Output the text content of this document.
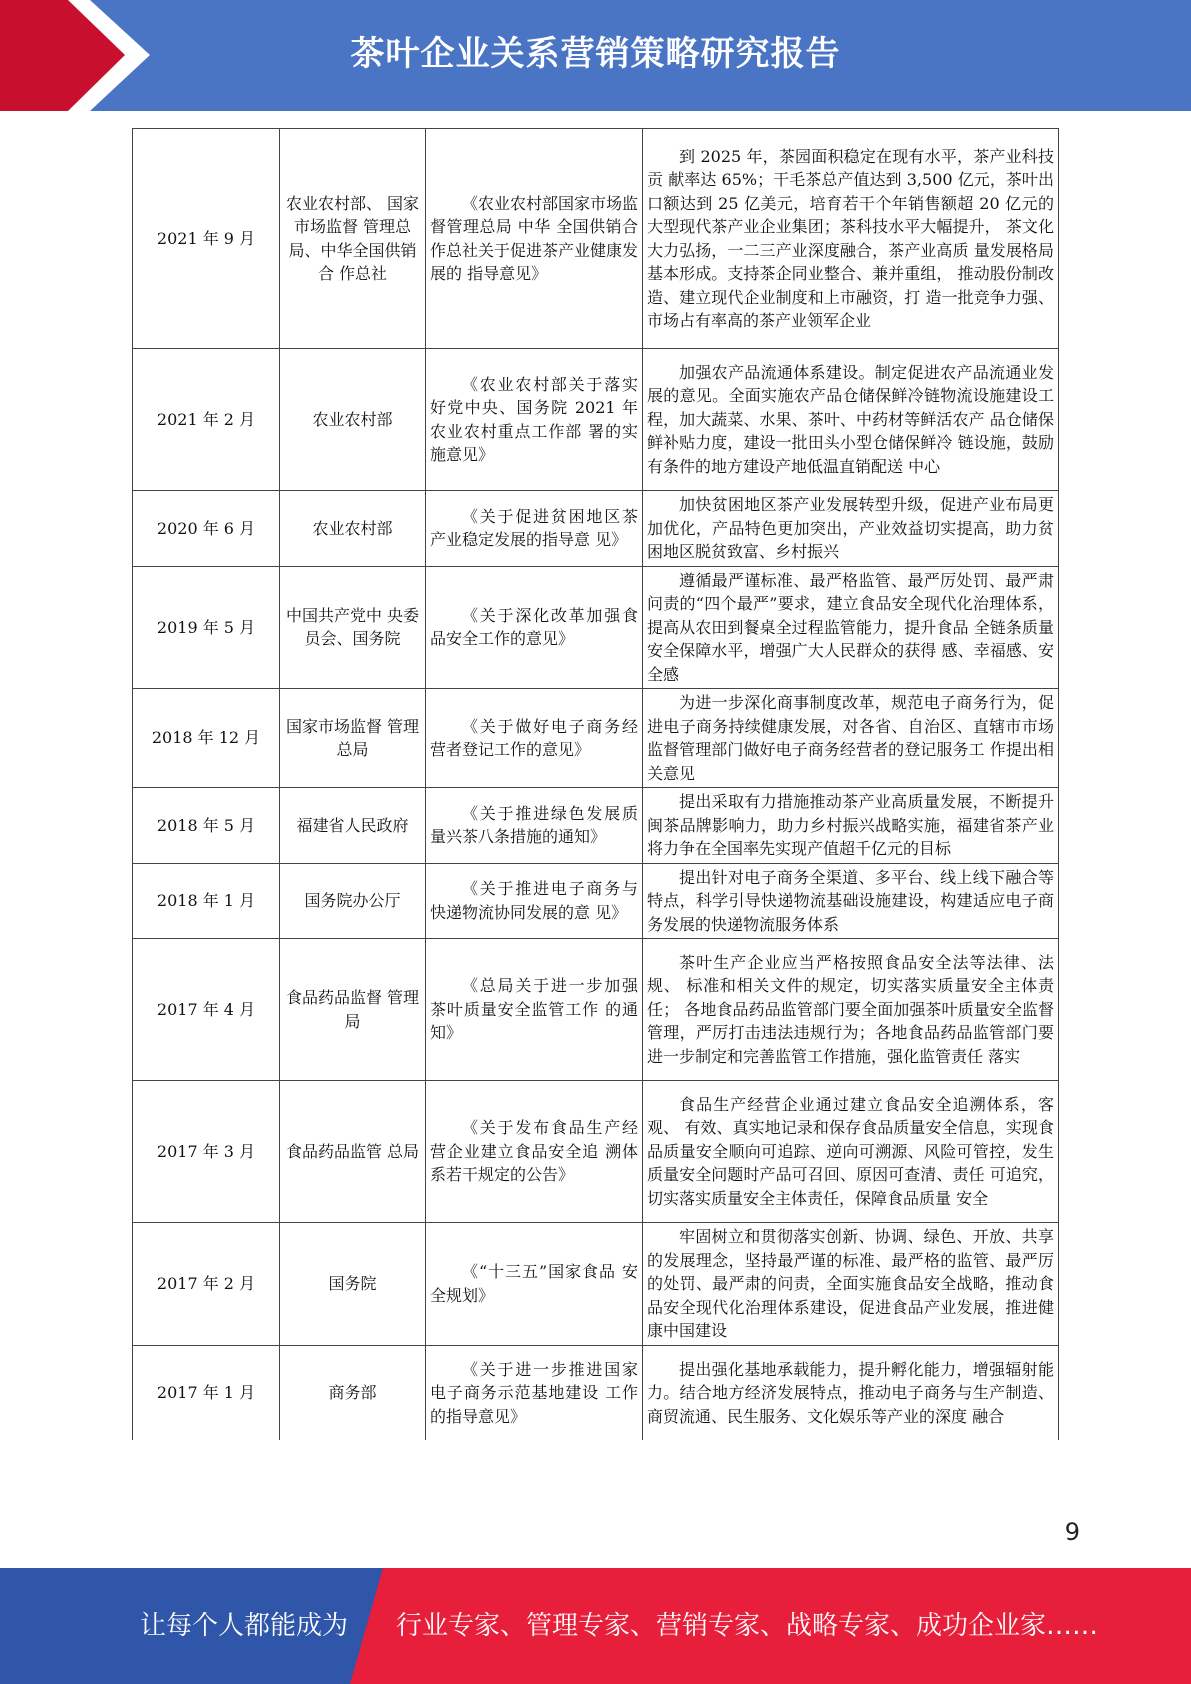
茶叶企业关系营销策略研究报告
2021 年 9 月	农业农村部、 国家市场监督 管理总局、中华全国供销合 作总社	《农业农村部国家市场监督管理总局 中华 全国供销合作总社关于促进茶产业健康发展的 指导意见》	到 2025 年，茶园面积稳定在现有水平，茶产业科技贡 献率达 65%；干毛茶总产值达到 3,500 亿元，茶叶出口额达到 25 亿美元，培育若干个年销售额超 20 亿元的大型现代茶产业企业集团；茶科技水平大幅提升， 茶文化大力弘扬，一二三产业深度融合，茶产业高质 量发展格局基本形成。支持茶企同业整合、兼并重组， 推动股份制改造、建立现代企业制度和上市融资，打 造一批竞争力强、市场占有率高的茶产业领军企业
2021 年 2 月	农业农村部	《农业农村部关于落实 好党中央、国务院 2021 年农业农村重点工作部 署的实施意见》	加强农产品流通体系建设。制定促进农产品流通业发 展的意见。全面实施农产品仓储保鲜冷链物流设施建设工程，加大蔬菜、水果、茶叶、中药材等鲜活农产 品仓储保鲜补贴力度，建设一批田头小型仓储保鲜冷 链设施，鼓励有条件的地方建设产地低温直销配送 中心
2020 年 6 月	农业农村部	《关于促进贫困地区茶 产业稳定发展的指导意 见》	加快贫困地区茶产业发展转型升级，促进产业布局更 加优化，产品特色更加突出，产业效益切实提高，助力贫困地区脱贫致富、乡村振兴
2019 年 5 月	中国共产党中 央委员会、国务院	《关于深化改革加强食 品安全工作的意见》	遵循最严谨标准、最严格监管、最严厉处罚、最严肃 问责的“四个最严”要求，建立食品安全现代化治理体系，提高从农田到餐桌全过程监管能力，提升食品 全链条质量安全保障水平，增强广大人民群众的获得 感、幸福感、安全感
2018 年 12 月	国家市场监督 管理总局	《关于做好电子商务经 营者登记工作的意见》	为进一步深化商事制度改革，规范电子商务行为，促 进电子商务持续健康发展，对各省、自治区、直辖市市场监督管理部门做好电子商务经营者的登记服务工 作提出相关意见
2018 年 5 月	福建省人民政府	《关于推进绿色发展质 量兴茶八条措施的通知》	提出采取有力措施推动茶产业高质量发展，不断提升 闽茶品牌影响力，助力乡村振兴战略实施，福建省茶产业将力争在全国率先实现产值超千亿元的目标
2018 年 1 月	国务院办公厅	《关于推进电子商务与 快递物流协同发展的意 见》	提出针对电子商务全渠道、多平台、线上线下融合等 特点，科学引导快递物流基础设施建设，构建适应电子商务发展的快递物流服务体系
2017 年 4 月	食品药品监督 管理局	《总局关于进一步加强 茶叶质量安全监管工作 的通知》	茶叶生产企业应当严格按照食品安全法等法律、法规、 标准和相关文件的规定，切实落实质量安全主体责任； 各地食品药品监管部门要全面加强茶叶质量安全监督 管理，严厉打击违法违规行为；各地食品药品监管部门要进一步制定和完善监管工作措施，强化监管责任 落实
2017 年 3 月	食品药品监管 总局	《关于发布食品生产经 营企业建立食品安全追 溯体系若干规定的公告》	食品生产经营企业通过建立食品安全追溯体系，客观、 有效、真实地记录和保存食品质量安全信息，实现食 品质量安全顺向可追踪、逆向可溯源、风险可管控，发生质量安全问题时产品可召回、原因可查清、责任 可追究，切实落实质量安全主体责任，保障食品质量 安全
2017 年 2 月	国务院	《“十三五”国家食品 安全规划》	牢固树立和贯彻落实创新、协调、绿色、开放、共享 的发展理念，坚持最严谨的标准、最严格的监管、最严厉的处罚、最严肃的问责，全面实施食品安全战略，推动食品安全现代化治理体系建设，促进食品产业发展，推进健康中国建设
2017 年 1 月	商务部	《关于进一步推进国家 电子商务示范基地建设 工作的指导意见》	提出强化基地承载能力，提升孵化能力，增强辐射能 力。结合地方经济发展特点，推动电子商务与生产制造、商贸流通、民生服务、文化娱乐等产业的深度 融合
9
让每个人都能成为 行业专家、管理专家、营销专家、战略专家、成功企业家……
